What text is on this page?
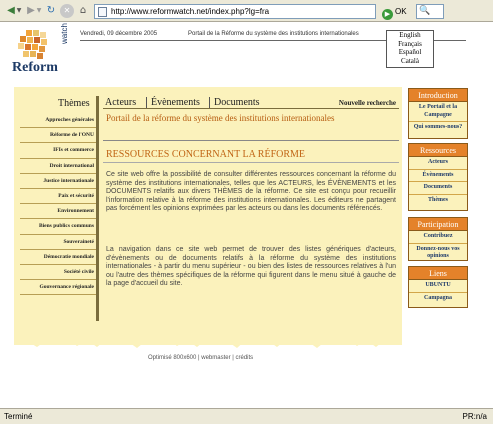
◀ ▼ ▶ ▼ ↻	✕ ⌂	http://www.reformwatch.net/index.php?lg=fra	▶ OK	🔍
Reform
watch Vendredi, 09 décembre 2005	Portail de la Réforme du système des institutions internationales	English
Français
Español
Català
Thèmes
Approches générales
Réforme de l'ONU
IFIs et commerce
Droit international
Justice internationale
Paix et sécurité
Environnement
Biens publics communs
Souveraineté
Démocratie mondiale
Société civile
Gouvernance régionale
Acteurs Évènements Documents	Nouvelle recherche
Portail de la réforme du système des institutions internationales
RESSOURCES CONCERNANT LA RÉFORME
Ce site web offre la possibilité de consulter différentes ressources concernant la réforme du système des institutions internationales, telles que les ACTEURS, les ÉVÈNEMENTS et les DOCUMENTS relatifs aux divers THÈMES de la réforme. Ce site est conçu pour recueillir l'information relative à la réforme des institutions internationales. Les éditeurs ne partagent pas forcément les opinions exprimées par les acteurs ou dans les documents référencés.
La navigation dans ce site web permet de trouver des listes génériques d'acteurs, d'évènements ou de documents relatifs à la réforme du système des institutions internationales - à partir du menu supérieur - ou bien des listes de ressources relatives à l'un ou l'autre des thèmes spécifiques de la réforme qui figurent dans le menu situé à gauche de la page d'accueil du site.
Optimisé 800x600 | webmaster | crédits
Introduction
Le Portail et la Campagne
Qui sommes-nous?
Ressources
Acteurs
Évènements
Documents
Thèmes
Participation
Contribuez
Donnez-nous vos opinions
Liens
UBUNTU
Campagna
Terminé	PR:n/a
